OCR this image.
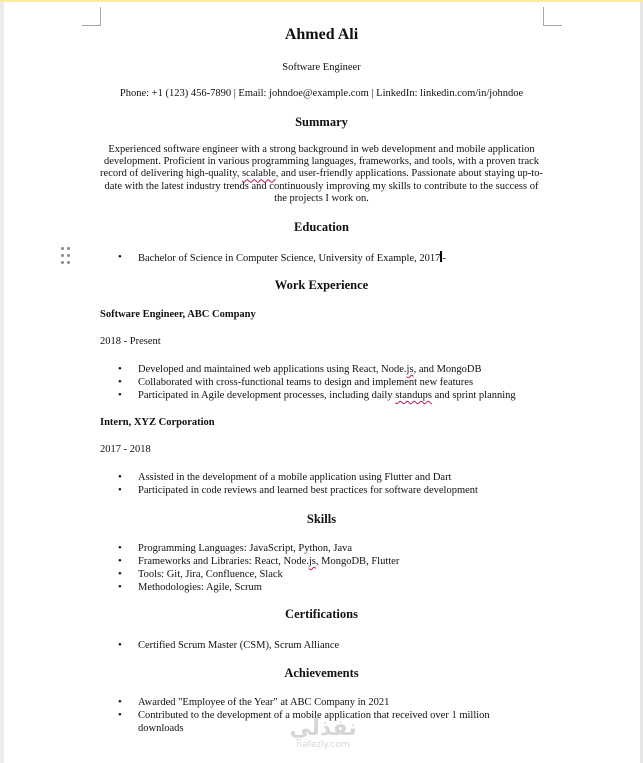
Ahmed Ali
Software Engineer
Phone: +1 (123) 456-7890 | Email: johndoe@example.com | LinkedIn: linkedin.com/in/johndoe
Summary
Experienced software engineer with a strong background in web development and mobile application development. Proficient in various programming languages, frameworks, and tools, with a proven track record of delivering high-quality, scalable, and user-friendly applications. Passionate about staying up-to-date with the latest industry trends and continuously improving my skills to contribute to the success of the projects I work on.
Education
• Bachelor of Science in Computer Science, University of Example, 2017 -
Work Experience
Software Engineer, ABC Company
2018 - Present
• Developed and maintained web applications using React, Node.js, and MongoDB
• Collaborated with cross-functional teams to design and implement new features
• Participated in Agile development processes, including daily standups and sprint planning
Intern, XYZ Corporation
2017 - 2018
• Assisted in the development of a mobile application using Flutter and Dart
• Participated in code reviews and learned best practices for software development
Skills
• Programming Languages: JavaScript, Python, Java
• Frameworks and Libraries: React, Node.js, MongoDB, Flutter
• Tools: Git, Jira, Confluence, Slack
• Methodologies: Agile, Scrum
Certifications
• Certified Scrum Master (CSM), Scrum Alliance
Achievements
• Awarded "Employee of the Year" at ABC Company in 2021
• Contributed to the development of a mobile application that received over 1 million downloads	نفذلي
nafezly.com
